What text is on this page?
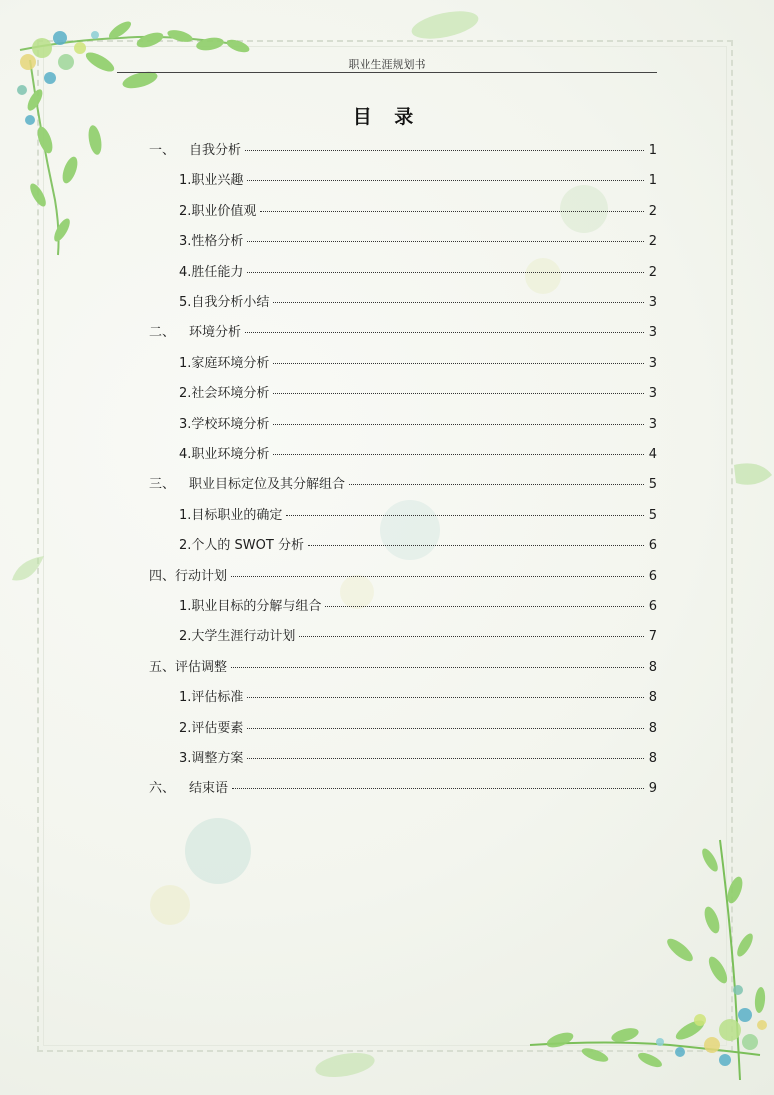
职业生涯规划书
目 录
一、	自我分析	1
1.职业兴趣	1
2.职业价值观	2
3.性格分析	2
4.胜任能力	2
5.自我分析小结	3
二、	环境分析	3
1.家庭环境分析	3
2.社会环境分析	3
3.学校环境分析	3
4.职业环境分析	4
三、	职业目标定位及其分解组合	5
1.目标职业的确定	5
2.个人的 SWOT 分析	6
四、行动计划	6
1.职业目标的分解与组合	6
2.大学生涯行动计划	7
五、评估调整	8
1.评估标准	8
2.评估要素	8
3.调整方案	8
六、	结束语	9
